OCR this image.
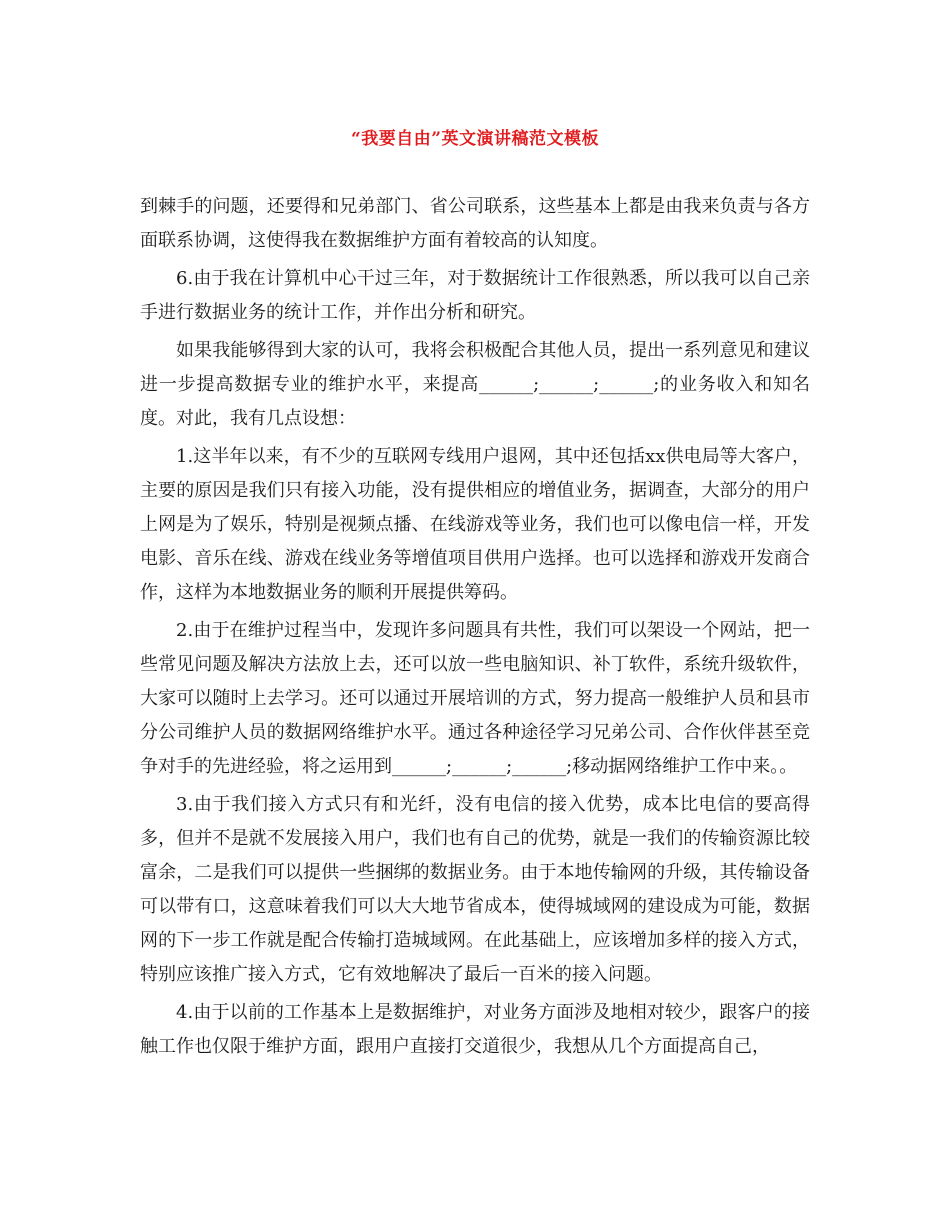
“我要自由”英文演讲稿范文模板

到棘手的问题，还要得和兄弟部门、省公司联系，这些基本上都是由我来负责与各方面联系协调，这使得我在数据维护方面有着较高的认知度。

6.由于我在计算机中心干过三年，对于数据统计工作很熟悉，所以我可以自己亲手进行数据业务的统计工作，并作出分析和研究。

如果我能够得到大家的认可，我将会积极配合其他人员，提出一系列意见和建议进一步提高数据专业的维护水平，来提高______;______;______;的业务收入和知名度。对此，我有几点设想：

1.这半年以来，有不少的互联网专线用户退网，其中还包括xx供电局等大客户，主要的原因是我们只有接入功能，没有提供相应的增值业务，据调查，大部分的用户上网是为了娱乐，特别是视频点播、在线游戏等业务，我们也可以像电信一样，开发电影、音乐在线、游戏在线业务等增值项目供用户选择。也可以选择和游戏开发商合作，这样为本地数据业务的顺利开展提供筹码。

2.由于在维护过程当中，发现许多问题具有共性，我们可以架设一个网站，把一些常见问题及解决方法放上去，还可以放一些电脑知识、补丁软件，系统升级软件，大家可以随时上去学习。还可以通过开展培训的方式，努力提高一般维护人员和县市分公司维护人员的数据网络维护水平。通过各种途径学习兄弟公司、合作伙伴甚至竞争对手的先进经验，将之运用到______;______;______;移动据网络维护工作中来。。

3.由于我们接入方式只有和光纤，没有电信的接入优势，成本比电信的要高得多，但并不是就不发展接入用户，我们也有自己的优势，就是一我们的传输资源比较富余，二是我们可以提供一些捆绑的数据业务。由于本地传输网的升级，其传输设备可以带有口，这意味着我们可以大大地节省成本，使得城域网的建设成为可能，数据网的下一步工作就是配合传输打造城域网。在此基础上，应该增加多样的接入方式，特别应该推广接入方式，它有效地解决了最后一百米的接入问题。

4.由于以前的工作基本上是数据维护，对业务方面涉及地相对较少，跟客户的接触工作也仅限于维护方面，跟用户直接打交道很少，我想从几个方面提高自己，
